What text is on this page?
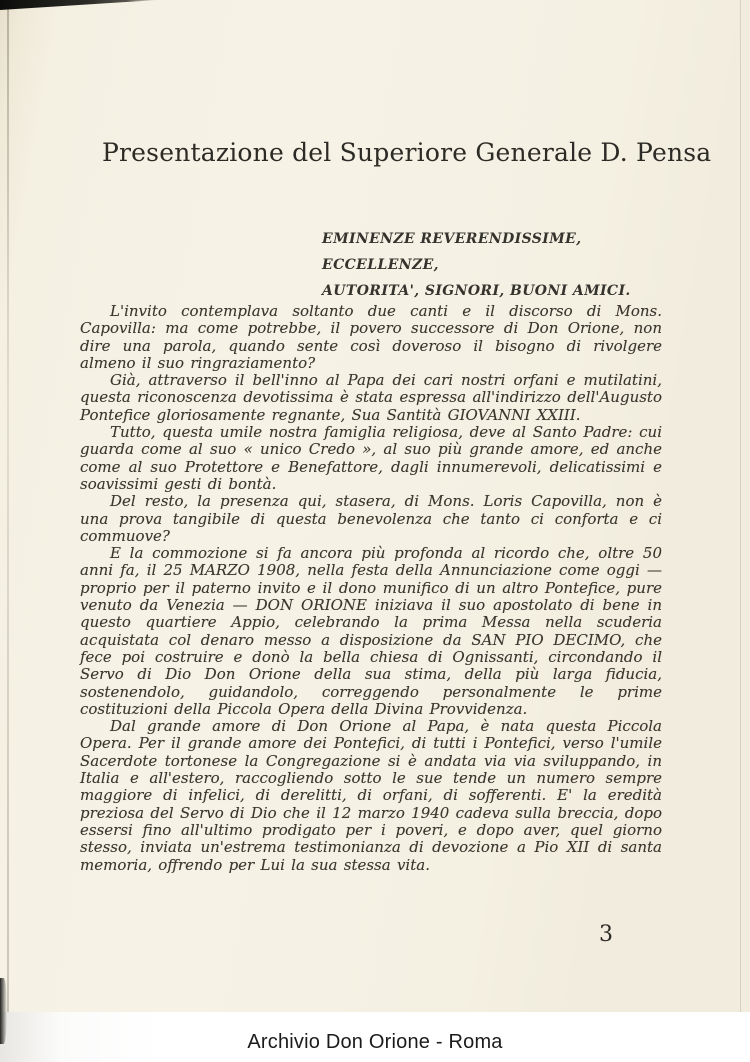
Presentazione del Superiore Generale D. Pensa
EMINENZE REVERENDISSIME, ECCELLENZE,
AUTORITA', SIGNORI, BUONI AMICI.

L'invito contemplava soltanto due canti e il discorso di Mons. Capovilla: ma come potrebbe, il povero successore di Don Orione, non dire una parola, quando sente così doveroso il bisogno di rivolgere almeno il suo ringraziamento?

Già, attraverso il bell'inno al Papa dei cari nostri orfani e mutilatini, questa riconoscenza devotissima è stata espressa all'indirizzo dell'Augusto Pontefice gloriosamente regnante, Sua Santità GIOVANNI XXIII.

Tutto, questa umile nostra famiglia religiosa, deve al Santo Padre: cui guarda come al suo « unico Credo », al suo più grande amore, ed anche come al suo Protettore e Benefattore, dagli innumerevoli, delicatissimi e soavissimi gesti di bontà.

Del resto, la presenza qui, stasera, di Mons. Loris Capovilla, non è una prova tangibile di questa benevolenza che tanto ci conforta e ci commuove?

E la commozione si fa ancora più profonda al ricordo che, oltre 50 anni fa, il 25 MARZO 1908, nella festa della Annunciazione come oggi — proprio per il paterno invito e il dono munifico di un altro Pontefice, pure venuto da Venezia — DON ORIONE iniziava il suo apostolato di bene in questo quartiere Appio, celebrando la prima Messa nella scuderia acquistata col denaro messo a disposizione da SAN PIO DECIMO, che fece poi costruire e donò la bella chiesa di Ognissanti, circondando il Servo di Dio Don Orione della sua stima, della più larga fiducia, sostenendolo, guidandolo, correggendo personalmente le prime costituzioni della Piccola Opera della Divina Provvidenza.

Dal grande amore di Don Orione al Papa, è nata questa Piccola Opera. Per il grande amore dei Pontefici, di tutti i Pontefici, verso l'umile Sacerdote tortonese la Congregazione si è andata via via sviluppando, in Italia e all'estero, raccogliendo sotto le sue tende un numero sempre maggiore di infelici, di derelitti, di orfani, di sofferenti. E' la eredità preziosa del Servo di Dio che il 12 marzo 1940 cadeva sulla breccia, dopo essersi fino all'ultimo prodigato per i poveri, e dopo aver, quel giorno stesso, inviata un'estrema testimonianza di devozione a Pio XII di santa memoria, offrendo per Lui la sua stessa vita.

3
Archivio Don Orione - Roma
